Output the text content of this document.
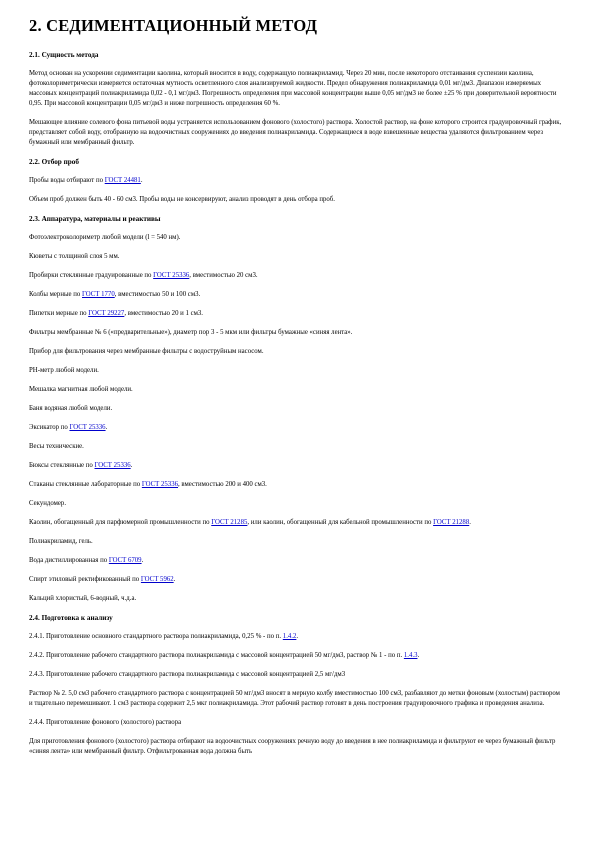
2. СЕДИМЕНТАЦИОННЫЙ МЕТОД
2.1. Сущность метода

Метод основан на ускорении седиментации каолина, который вносится в воду, содержащую полиакриламид. Через 20 мин, после некоторого отстаивания суспензии каолина, фотоколориметрически измеряется остаточная мутность осветленного слоя анализируемой жидкости. Предел обнаружения полиакриламида 0,01 мг/дм3. Диапазон измеряемых массовых концентраций полиакриламида 0,02 - 0,1 мг/дм3. Погрешность определения при массовой концентрации выше 0,05 мг/дм3 не более ±25 % при доверительной вероятности 0,95. При массовой концентрации 0,05 мг/дм3 и ниже погрешность определения 60 %.

Мешающее влияние солевого фона питьевой воды устраняется использованием фонового (холостого) раствора. Холостой раствор, на фоне которого строится градуировочный график, представляет собой воду, отобранную на водоочистных сооружениях до введения полиакриламида. Содержащиеся в воде взвешенные вещества удаляются фильтрованием через бумажный или мембранный фильтр.

2.2. Отбор проб

Пробы воды отбирают по ГОСТ 24481.

Объем проб должен быть 40 - 60 см3. Пробы воды не консервируют, анализ проводят в день отбора проб.

2.3. Аппаратура, материалы и реактивы

Фотоэлектроколориметр любой модели (l = 540 нм).

Кюветы с толщиной слоя 5 мм.

Пробирки стеклянные градуированные по ГОСТ 25336, вместимостью 20 см3.

Колбы мерные по ГОСТ 1770, вместимостью 50 и 100 см3.

Пипетки мерные по ГОСТ 29227, вместимостью 20 и 1 см3.

Фильтры мембранные № 6 («предварительные»), диаметр пор 3 - 5 мкм или фильтры бумажные «синяя лента».

Прибор для фильтрования через мембранные фильтры с водоструйным насосом.

РН-метр любой модели.

Мешалка магнитная любой модели.

Баня водяная любой модели.

Эксикатор по ГОСТ 25336.

Весы технические.

Бюксы стеклянные по ГОСТ 25336.

Стаканы стеклянные лабораторные по ГОСТ 25336, вместимостью 200 и 400 см3.

Секундомер.

Каолин, обогащенный для парфюмерной промышленности по ГОСТ 21285, или каолин, обогащенный для кабельной промышленности по ГОСТ 21288.

Полиакриламид, гель.

Вода дистиллированная по ГОСТ 6709.

Спирт этиловый ректификованный по ГОСТ 5962.

Кальций хлористый, 6-водный, ч.д.а.

2.4. Подготовка к анализу

2.4.1. Приготовление основного стандартного раствора полиакриламида, 0,25 % - по п. 1.4.2.

2.4.2. Приготовление рабочего стандартного раствора полиакриламида с массовой концентрацией 50 мг/дм3, раствор № 1 - по п. 1.4.3.

2.4.3. Приготовление рабочего стандартного раствора полиакриламида с массовой концентрацией 2,5 мг/дм3

Раствор № 2. 5,0 см3 рабочего стандартного раствора с концентрацией 50 мг/дм3 вносят в мерную колбу вместимостью 100 см3, разбавляют до метки фоновым (холостым) раствором и тщательно перемешивают. 1 см3 раствора содержит 2,5 мкг полиакриламида. Этот рабочий раствор готовят в день построения градуировочного графика и проведения анализа.

2.4.4. Приготовление фонового (холостого) раствора

Для приготовления фонового (холостого) раствора отбирают на водоочистных сооружениях речную воду до введения в нее полиакриламида и фильтруют ее через бумажный фильтр «синяя лента» или мембранный фильтр. Отфильтрованная вода должна быть
